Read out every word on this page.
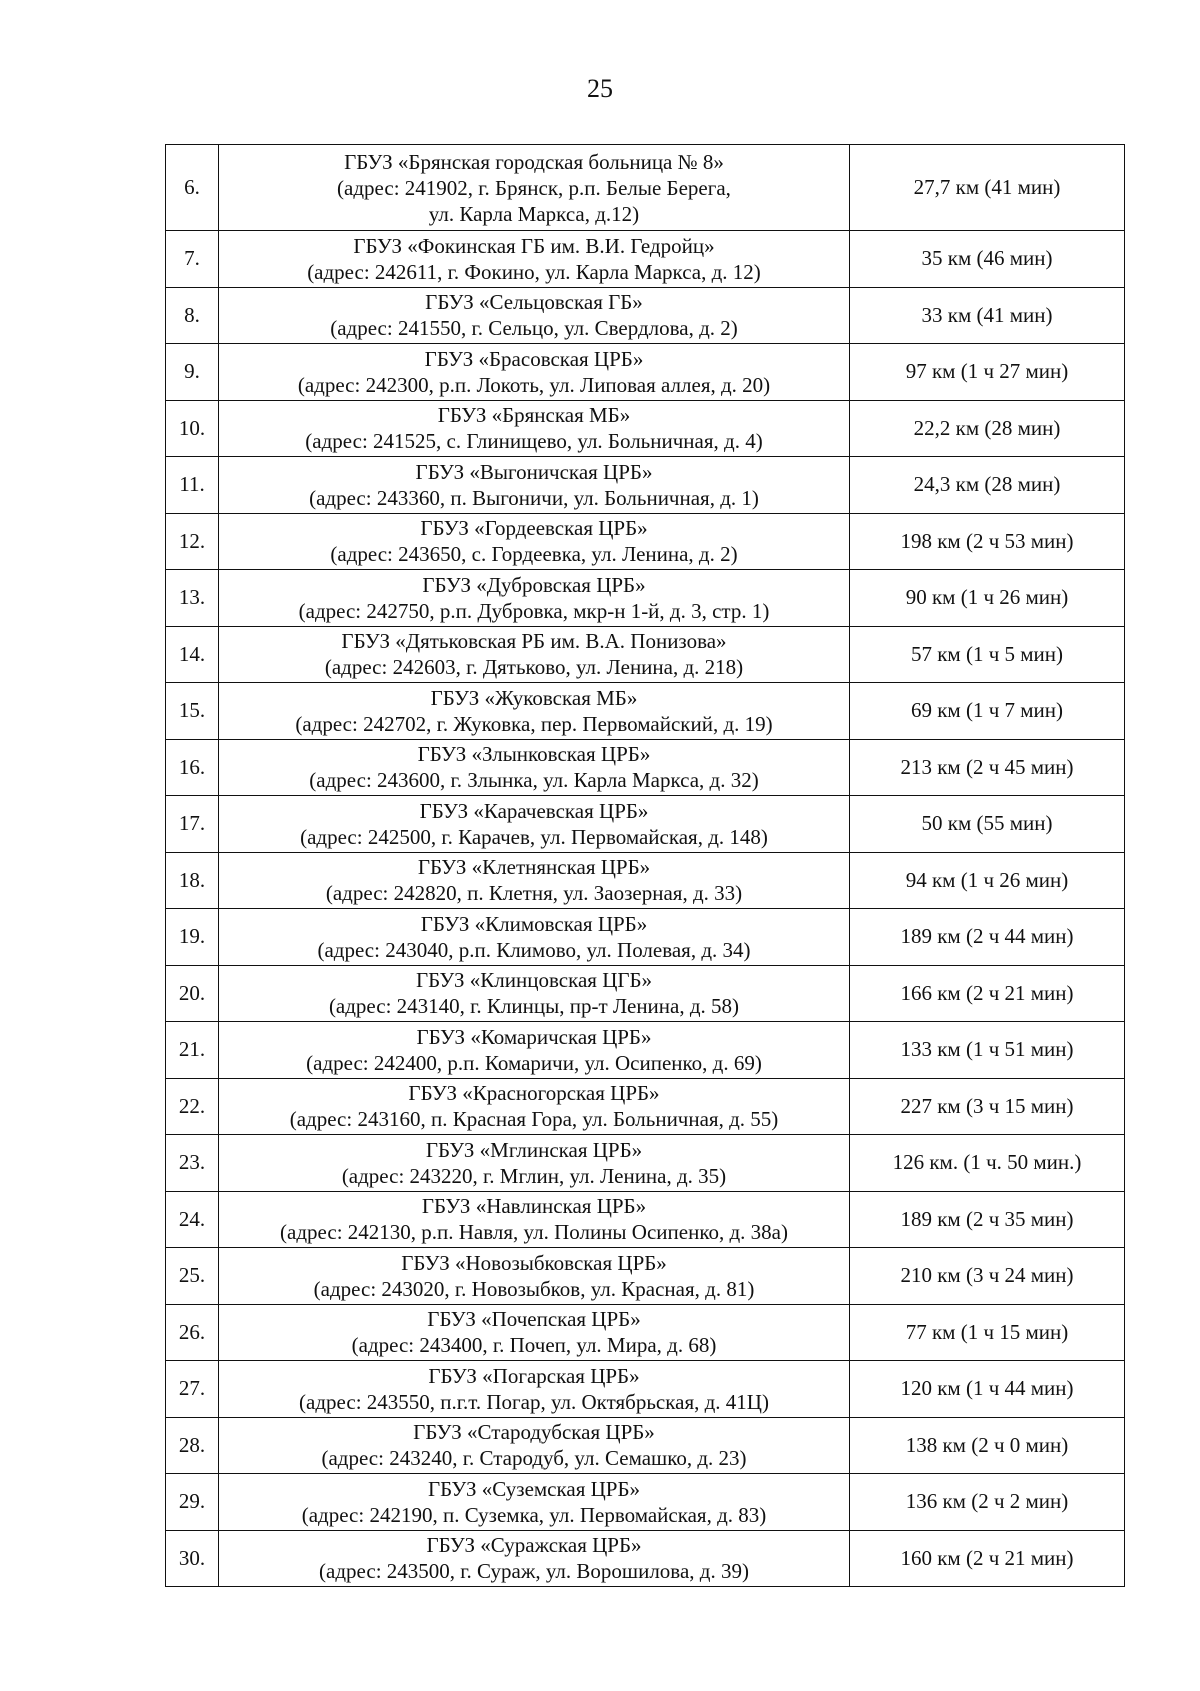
25
6.	ГБУЗ «Брянская городская больница № 8»
(адрес: 241902, г. Брянск, р.п. Белые Берега,
ул. Карла Маркса, д.12)	27,7 км (41 мин)
7.	ГБУЗ «Фокинская ГБ им. В.И. Гедройц»
(адрес: 242611, г. Фокино, ул. Карла Маркса, д. 12)	35 км (46 мин)
8.	ГБУЗ «Сельцовская ГБ»
(адрес: 241550, г. Сельцо, ул. Свердлова, д. 2)	33 км (41 мин)
9.	ГБУЗ «Брасовская ЦРБ»
(адрес: 242300, р.п. Локоть, ул. Липовая аллея, д. 20)	97 км (1 ч 27 мин)
10.	ГБУЗ «Брянская МБ»
(адрес: 241525, с. Глинищево, ул. Больничная, д. 4)	22,2 км (28 мин)
11.	ГБУЗ «Выгоничская ЦРБ»
(адрес: 243360, п. Выгоничи, ул. Больничная, д. 1)	24,3 км (28 мин)
12.	ГБУЗ «Гордеевская ЦРБ»
(адрес: 243650, с. Гордеевка, ул. Ленина, д. 2)	198 км (2 ч 53 мин)
13.	ГБУЗ «Дубровская ЦРБ»
(адрес: 242750, р.п. Дубровка, мкр-н 1-й, д. 3, стр. 1)	90 км (1 ч 26 мин)
14.	ГБУЗ «Дятьковская РБ им. В.А. Понизова»
(адрес: 242603, г. Дятьково, ул. Ленина, д. 218)	57 км (1 ч 5 мин)
15.	ГБУЗ «Жуковская МБ»
(адрес: 242702, г. Жуковка, пер. Первомайский, д. 19)	69 км (1 ч 7 мин)
16.	ГБУЗ «Злынковская ЦРБ»
(адрес: 243600, г. Злынка, ул. Карла Маркса, д. 32)	213 км (2 ч 45 мин)
17.	ГБУЗ «Карачевская ЦРБ»
(адрес: 242500, г. Карачев, ул. Первомайская, д. 148)	50 км (55 мин)
18.	ГБУЗ «Клетнянская ЦРБ»
(адрес: 242820, п. Клетня, ул. Заозерная, д. 33)	94 км (1 ч 26 мин)
19.	ГБУЗ «Климовская ЦРБ»
(адрес: 243040, р.п. Климово, ул. Полевая, д. 34)	189 км (2 ч 44 мин)
20.	ГБУЗ «Клинцовская ЦГБ»
(адрес: 243140, г. Клинцы, пр-т Ленина, д. 58)	166 км (2 ч 21 мин)
21.	ГБУЗ «Комаричская ЦРБ»
(адрес: 242400, р.п. Комаричи, ул. Осипенко, д. 69)	133 км (1 ч 51 мин)
22.	ГБУЗ «Красногорская ЦРБ»
(адрес: 243160, п. Красная Гора, ул. Больничная, д. 55)	227 км (3 ч 15 мин)
23.	ГБУЗ «Мглинская ЦРБ»
(адрес: 243220, г. Мглин, ул. Ленина, д. 35)	126 км. (1 ч. 50 мин.)
24.	ГБУЗ «Навлинская ЦРБ»
(адрес: 242130, р.п. Навля, ул. Полины Осипенко, д. 38а)	189 км (2 ч 35 мин)
25.	ГБУЗ «Новозыбковская ЦРБ»
(адрес: 243020, г. Новозыбков, ул. Красная, д. 81)	210 км (3 ч 24 мин)
26.	ГБУЗ «Почепская ЦРБ»
(адрес: 243400, г. Почеп, ул. Мира, д. 68)	77 км (1 ч 15 мин)
27.	ГБУЗ «Погарская ЦРБ»
(адрес: 243550, п.г.т. Погар, ул. Октябрьская, д. 41Ц)	120 км (1 ч 44 мин)
28.	ГБУЗ «Стародубская ЦРБ»
(адрес: 243240, г. Стародуб, ул. Семашко, д. 23)	138 км (2 ч 0 мин)
29.	ГБУЗ «Суземская ЦРБ»
(адрес: 242190, п. Суземка, ул. Первомайская, д. 83)	136 км (2 ч 2 мин)
30.	ГБУЗ «Суражская ЦРБ»
(адрес: 243500, г. Сураж, ул. Ворошилова, д. 39)	160 км (2 ч 21 мин)
